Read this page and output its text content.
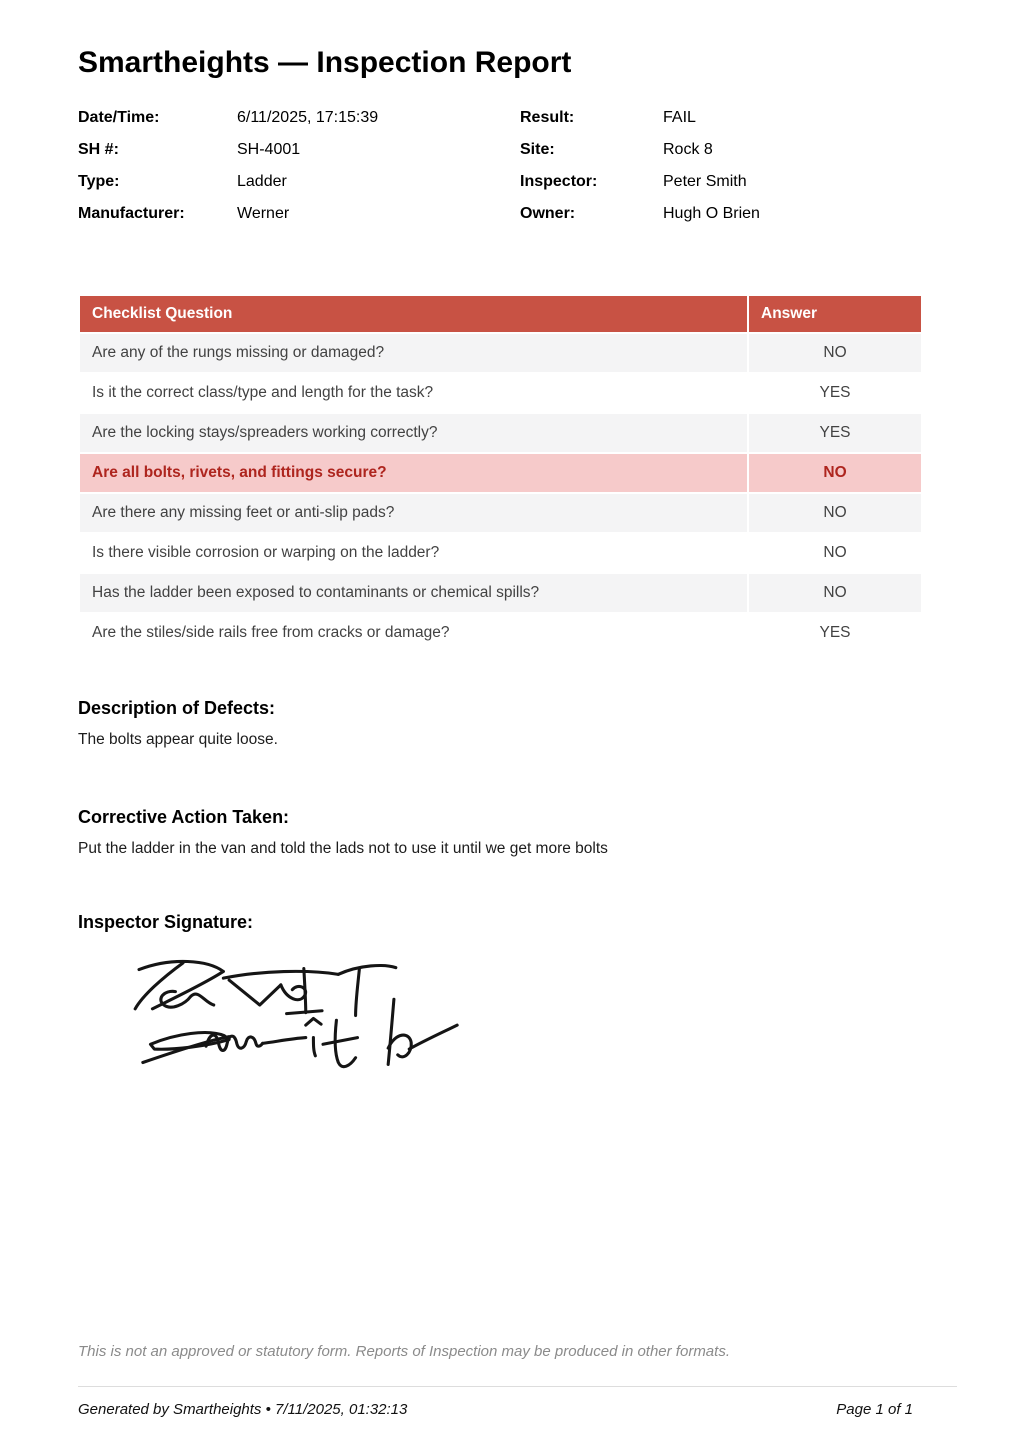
Smartheights — Inspection Report
Date/Time:	6/11/2025, 17:15:39	Result:	FAIL
SH #:	SH-4001	Site:	Rock 8
Type:	Ladder	Inspector:	Peter Smith
Manufacturer:	Werner	Owner:	Hugh O Brien
Checklist Question	Answer
Are any of the rungs missing or damaged?	NO
Is it the correct class/type and length for the task?	YES
Are the locking stays/spreaders working correctly?	YES
Are all bolts, rivets, and fittings secure?	NO
Are there any missing feet or anti-slip pads?	NO
Is there visible corrosion or warping on the ladder?	NO
Has the ladder been exposed to contaminants or chemical spills?	NO
Are the stiles/side rails free from cracks or damage?	YES
Description of Defects:
The bolts appear quite loose.
Corrective Action Taken:
Put the ladder in the van and told the lads not to use it until we get more bolts
Inspector Signature:
This is not an approved or statutory form. Reports of Inspection may be produced in other formats.
Generated by Smartheights • 7/11/2025, 01:32:13	Page 1 of 1
